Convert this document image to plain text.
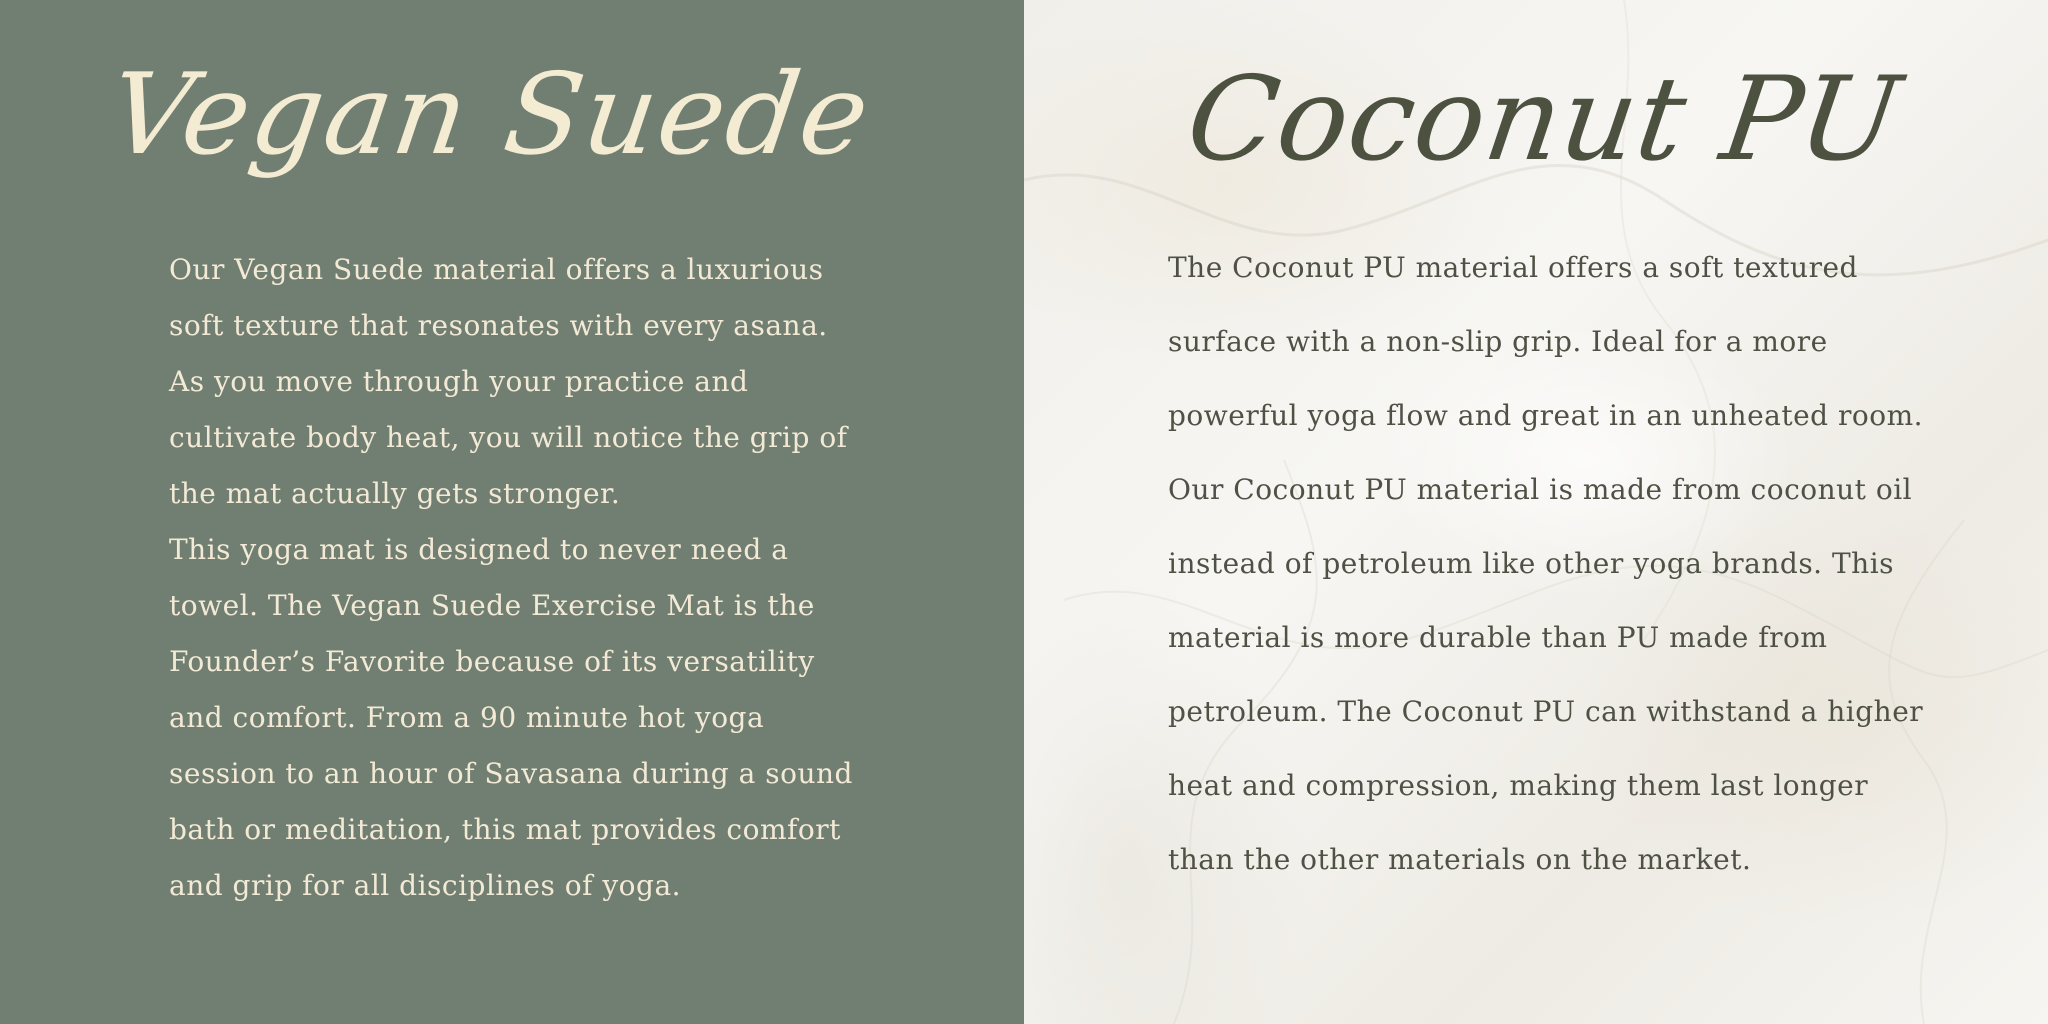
Vegan Suede

Our Vegan Suede material offers a luxurious soft texture that resonates with every asana. As you move through your practice and cultivate body heat, you will notice the grip of the mat actually gets stronger.

This yoga mat is designed to never need a towel. The Vegan Suede Exercise Mat is the Founder’s Favorite because of its versatility and comfort. From a 90 minute hot yoga session to an hour of Savasana during a sound bath or meditation, this mat provides comfort and grip for all disciplines of yoga.

Coconut PU

The Coconut PU material offers a soft textured surface with a non-slip grip. Ideal for a more powerful yoga flow and great in an unheated room. Our Coconut PU material is made from coconut oil instead of petroleum like other yoga brands. This material is more durable than PU made from petroleum. The Coconut PU can withstand a higher heat and compression, making them last longer than the other materials on the market.
